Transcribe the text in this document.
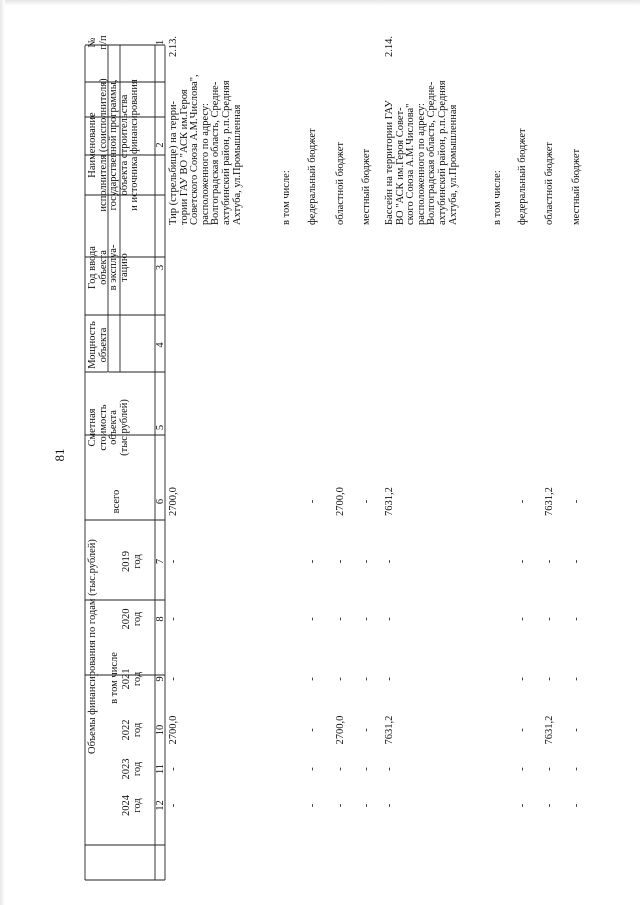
81
1
2
3
4
5
6
7
8
9
10
11
12
№
п/п
Наименование
исполнителя (соисполнителя)
государственной программы,
объекта строительства
и источника финансирования
Год ввода
объекта
в эксплуа-
тацию
Мощность
объекта
Сметная
стоимость
объекта
(тыс.рублей)
Объемы финансирования по годам (тыс.рублей)
всего
в том числе
2019
год
2020
год
2021
год
2022
год
2023
год
2024
год
2.13.
Тир (стрельбище) на терри-
тории ГАУ ВО "АСК им.Героя
Советского Союза А.М.Числова",
расположенного по адресу:
Волгоградская область, Средне-
ахтубинский район, р.п.Средняя
Ахтуба, ул.Промышленная
2700,0
-
-
-
2700,0
-
-
в том числе: федеральный бюджет
-
-
-
-
-
-
-
областной бюджет
2700,0
-
-
-
2700,0
-
-
местный бюджет
-
-
-
-
-
-
-
2.14.
Бассейн на территории ГАУ
ВО "АСК им.Героя Совет-
ского Союза А.М.Числова"
расположенного по адресу:
Волгоградская область, Средне-
ахтубинский район, р.п.Средняя
Ахтуба, ул.Промышленная
7631,2
-
-
-
7631,2
-
-
в том числе: федеральный бюджет
-
-
-
-
-
-
-
областной бюджет
7631,2
-
-
-
7631,2
-
-
местный бюджет
-
-
-
-
-
-
-
